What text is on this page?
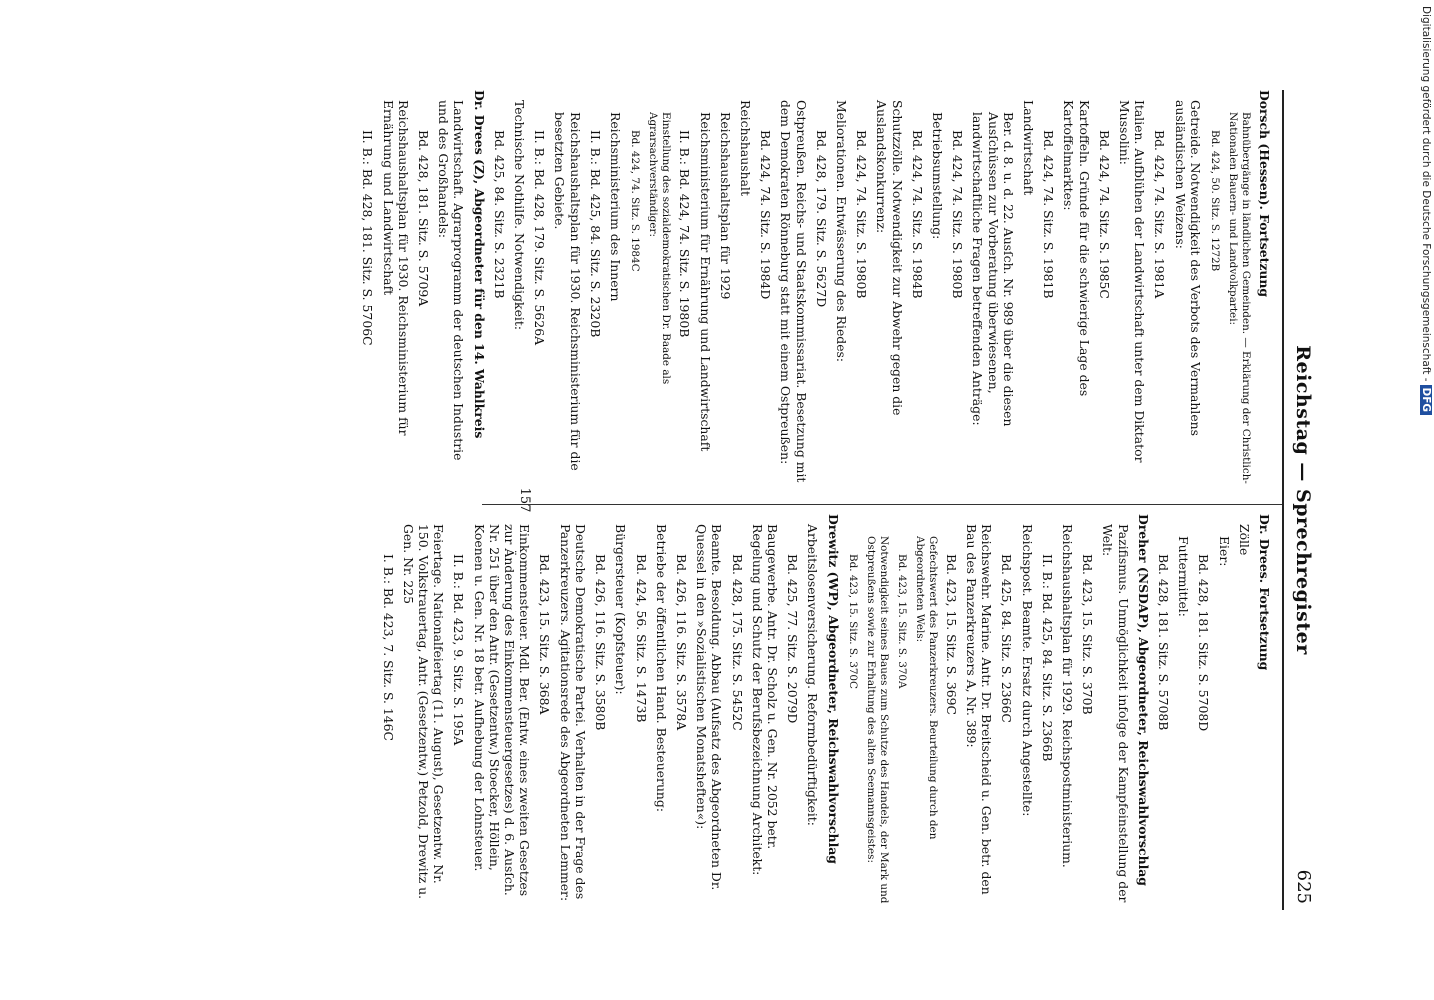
Reichstag — Sprechregister
625
Dorsch (Hessen). Fortsetzung
Bahnübergänge in ländlichen Gemeinden. — Erklärung der Christlich-Nationalen Bauern- und Landvolkpartei:
Bd. 424, 50. Sitz. S. 1272B
Getreide. Notwendigkeit des Verbots des Vermahlens ausländischen Weizens:
Bd. 424, 74. Sitz. S. 1981A
Italien. Aufblühen der Landwirtschaft unter dem Diktator Mussolini:
Bd. 424, 74. Sitz. S. 1985C
Kartoffeln. Gründe für die schwierige Lage des Kartoffelmarktes:
Bd. 424, 74. Sitz. S. 1981B
Landwirtschaft
Ber. d. 8. u. d. 22. Ausſch. Nr. 989 über die diesen Ausſchüssen zur Vorberatung überwiesenen, landwirtschaftliche Fragen betreffenden Anträge:
Bd. 424, 74. Sitz. S. 1980B
Betriebsumstellung:
Bd. 424, 74. Sitz. S. 1984B
Schutzzölle. Notwendigkeit zur Abwehr gegen die Auslandskonkurrenz:
Bd. 424, 74. Sitz. S. 1980B
Meliorationen. Entwässerung des Riedes:
Bd. 428, 179. Sitz. S. 5627D
Ostpreußen. Reichs- und Staatskommissariat. Besetzung mit dem Demokraten Rönneburg statt mit einem Ostpreußen:
Bd. 424, 74. Sitz. S. 1984D
Reichshaushalt
Reichshaushaltsplan für 1929
Reichsministerium für Ernährung und Landwirtschaft
II. B.: Bd. 424, 74. Sitz. S. 1980B
Einstellung des sozialdemokratischen Dr. Baade als Agrarsachverständiger:
Bd. 424, 74. Sitz. S. 1984C
Reichsministerium des Innern
II. B.: Bd. 425, 84. Sitz. S. 2320B
Reichshaushaltsplan für 1930. Reichsministerium für die besetzten Gebiete.
II. B.: Bd. 428, 179. Sitz. S. 5626A
Technische Nothilfe. Notwendigkeit:
Bd. 425, 84. Sitz. S. 2321B
Dr. Drees (Z), Abgeordneter für den 14. Wahlkreis
Landwirtschaft. Agrarprogramm der deutschen Industrie und des Großhandels:
Bd. 428, 181. Sitz. S. 5709A
Reichshaushaltsplan für 1930. Reichsministerium für Ernährung und Landwirtschaft
II. B.: Bd. 428, 181. Sitz. S. 5706C
Dr. Drees. Fortsetzung
Zölle
Eier:
Bd. 428, 181. Sitz. S. 5708D
Futtermittel:
Bd. 428, 181. Sitz. S. 5708B
Dreher (NSDAP), Abgeordneter, Reichswahlvorschlag
Pazifismus. Unmöglichkeit infolge der Kampfeinstellung der Welt:
Bd. 423, 15. Sitz. S. 370B
Reichshaushaltsplan für 1929. Reichspostministerium.
II. B.: Bd. 425, 84. Sitz. S. 2366B
Reichspost. Beamte. Ersatz durch Angestellte:
Bd. 425, 84. Sitz. S. 2366C
Reichswehr. Marine. Antr. Dr. Breitscheid u. Gen. betr. den Bau des Panzerkreuzers A, Nr. 389:
Bd. 423, 15. Sitz. S. 369C
Gefechtswert des Panzerkreuzers. Beurteilung durch den Abgeordneten Wels:
Bd. 423, 15. Sitz. S. 370A
Notwendigkeit seines Baues zum Schutze des Handels, der Mark und Ostpreußens sowie zur Erhaltung des alten Seemannsgeistes:
Bd. 423, 15. Sitz. S. 370C
Drewitz (WP), Abgeordneter, Reichswahlvorschlag
Arbeitslosenversicherung. Reformbedürftigkeit:
Bd. 425, 77. Sitz. S. 2079D
Baugewerbe. Antr. Dr. Scholz u. Gen. Nr. 2052 betr. Regelung und Schutz der Berufsbezeichnung Architekt:
Bd. 428, 175. Sitz. S. 5452C
Beamte. Besoldung. Abbau (Aufsatz des Abgeordneten Dr. Quessel in den »Sozialistischen Monatsheften«):
Bd. 426, 116. Sitz. S. 3578A
Betriebe der öffentlichen Hand. Besteuerung:
Bd. 424, 56. Sitz. S. 1473B
Bürgersteuer (Kopfsteuer):
Bd. 426, 116. Sitz. S. 3580B
Deutsche Demokratische Partei. Verhalten in der Frage des Panzerkreuzers. Agitationsrede des Abgeordneten Lemmer:
Bd. 423, 15. Sitz. S. 368A
Einkommensteuer. Mdl. Ber. (Entw. eines zweiten Gesetzes zur Änderung des Einkommensteuergesetzes) d. 6. Ausſch. Nr. 251 über den Antr. (Gesetzentw.) Stoecker, Höllein, Koenen u. Gen. Nr. 18 betr. Aufhebung der Lohnsteuer.
II. B.: Bd. 423, 9. Sitz. S. 195A
Feiertage. Nationalfeiertag (11. August), Gesetzentw. Nr. 150. Volkstrauertag, Antr. (Gesetzentw.) Petzold, Drewitz u. Gen. Nr. 225
I. B.: Bd. 423, 7. Sitz. S. 146C
157
Digitalisierung gefördert durch die Deutsche Forschungsgemeinschaft -DFG
